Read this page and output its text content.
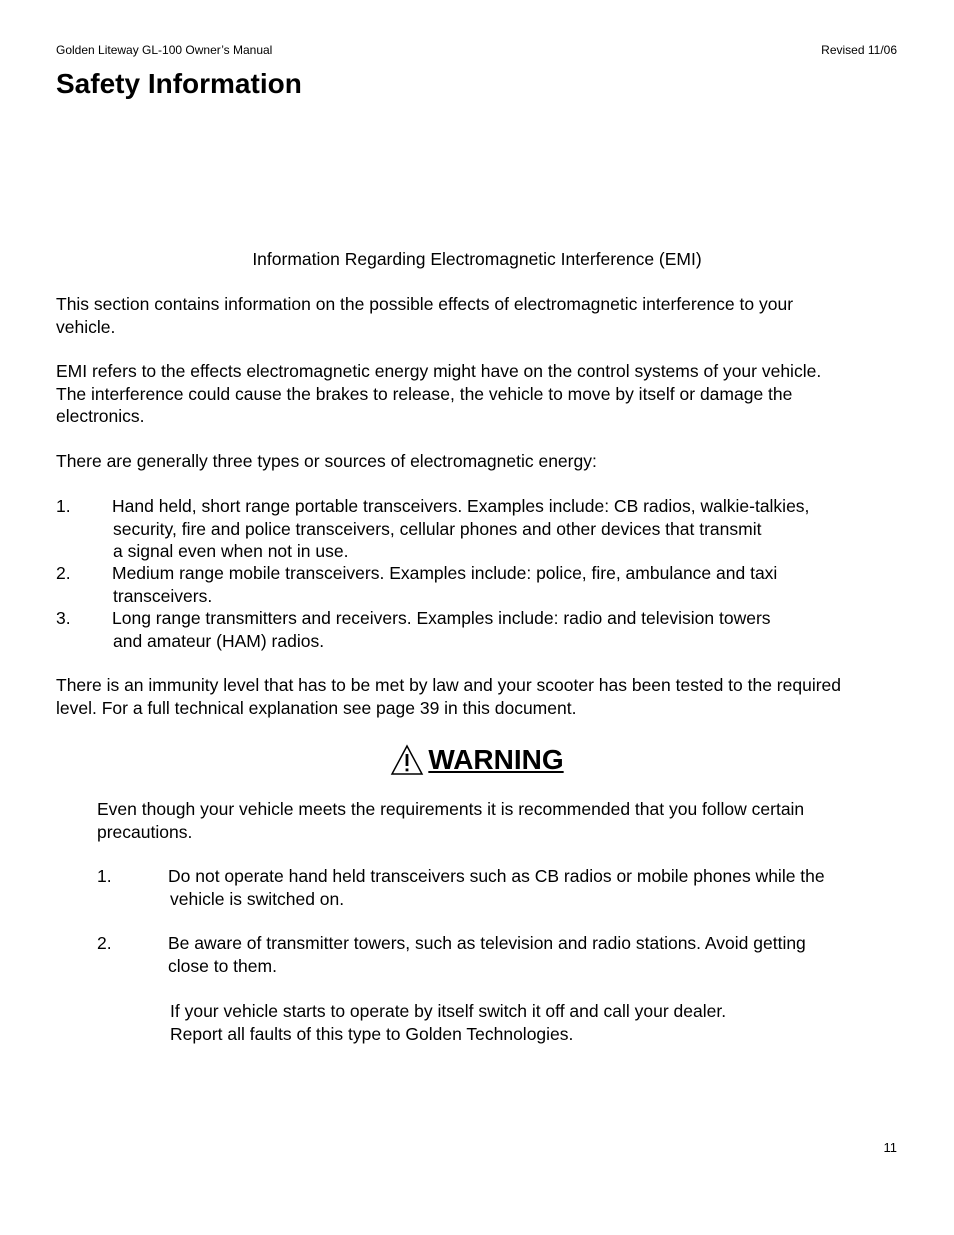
Golden Liteway GL-100 Owner’s Manual	Revised 11/06
Safety Information
Information Regarding Electromagnetic Interference (EMI)
This section contains information on the possible effects of electromagnetic interference to your
vehicle.
EMI refers to the effects electromagnetic energy might have on the control systems of your vehicle.
The interference could cause the brakes to release, the vehicle to move by itself or damage the
electronics.
There are generally three types or sources of electromagnetic energy:
1. Hand held, short range portable transceivers. Examples include: CB radios, walkie-talkies,
security, fire and police transceivers, cellular phones and other devices that transmit
a signal even when not in use.
2. Medium range mobile transceivers. Examples include: police, fire, ambulance and taxi
transceivers.
3. Long range transmitters and receivers. Examples include: radio and television towers
and amateur (HAM) radios.
There is an immunity level that has to be met by law and your scooter has been tested to the required
level. For a full technical explanation see page 39 in this document.
WARNING
Even though your vehicle meets the requirements it is recommended that you follow certain
precautions.
1.	Do not operate hand held transceivers such as CB radios or mobile phones while the
vehicle is switched on.
2.	Be aware of transmitter towers, such as television and radio stations. Avoid getting
close to them.
If your vehicle starts to operate by itself switch it off and call your dealer.
Report all faults of this type to Golden Technologies.
11
